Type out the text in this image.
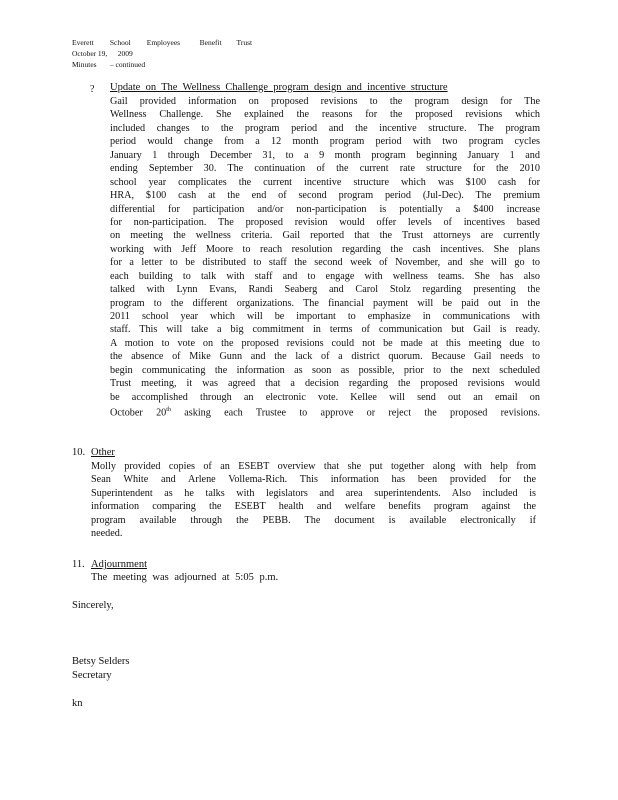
Everett School Employees	Benefit Trust
October 19, 2009
Minutes – continued
? Update  on  The  Wellness  Challenge  program  design  and  incentive  structure
Gail provided information on proposed revisions to the program design for The
Wellness Challenge. She explained the reasons for the proposed revisions which
included changes to the program period and the incentive structure. The program
period would change from a 12 month program period with two program cycles
January 1 through December 31, to a 9 month program beginning January 1 and
ending September 30. The continuation of the current rate structure for the 2010
school year complicates the current incentive structure which was $100 cash for
HRA, $100 cash at the end of second program period (Jul-Dec). The premium
differential for participation and/or non-participation is potentially a $400 increase
for non-participation. The proposed revision would offer levels of incentives based
on meeting the wellness criteria. Gail reported that the Trust attorneys are currently
working with Jeff Moore to reach resolution regarding the cash incentives. She plans
for a letter to be distributed to staff the second week of November, and she will go to
each building to talk with staff and to engage with wellness teams. She has also
talked with Lynn Evans, Randi Seaberg and Carol Stolz regarding presenting the
program to the different organizations. The financial payment will be paid out in the
2011 school year which will be important to emphasize in communications with
staff. This will take a big commitment in terms of communication but Gail is ready.
A motion to vote on the proposed revisions could not be made at this meeting due to
the absence of Mike Gunn and the lack of a district quorum. Because Gail needs to
begin communicating the information as soon as possible, prior to the next scheduled
Trust meeting, it was agreed that a decision regarding the proposed revisions would
be accomplished through an electronic vote. Kellee will send out an email on
October 20th asking each Trustee to approve or reject the proposed revisions.
10. Other
Molly provided copies of an ESEBT overview that she put together along with help from
Sean White and Arlene Vollema-Rich. This information has been provided for the
Superintendent as he talks with legislators and area superintendents. Also included is
information comparing the ESEBT health and welfare benefits program against the
program available through the PEBB. The document is available electronically if
needed.
11. Adjournment
The meeting was adjourned at 5:05 p.m.
Sincerely,
Betsy Selders
Secretary
kn
